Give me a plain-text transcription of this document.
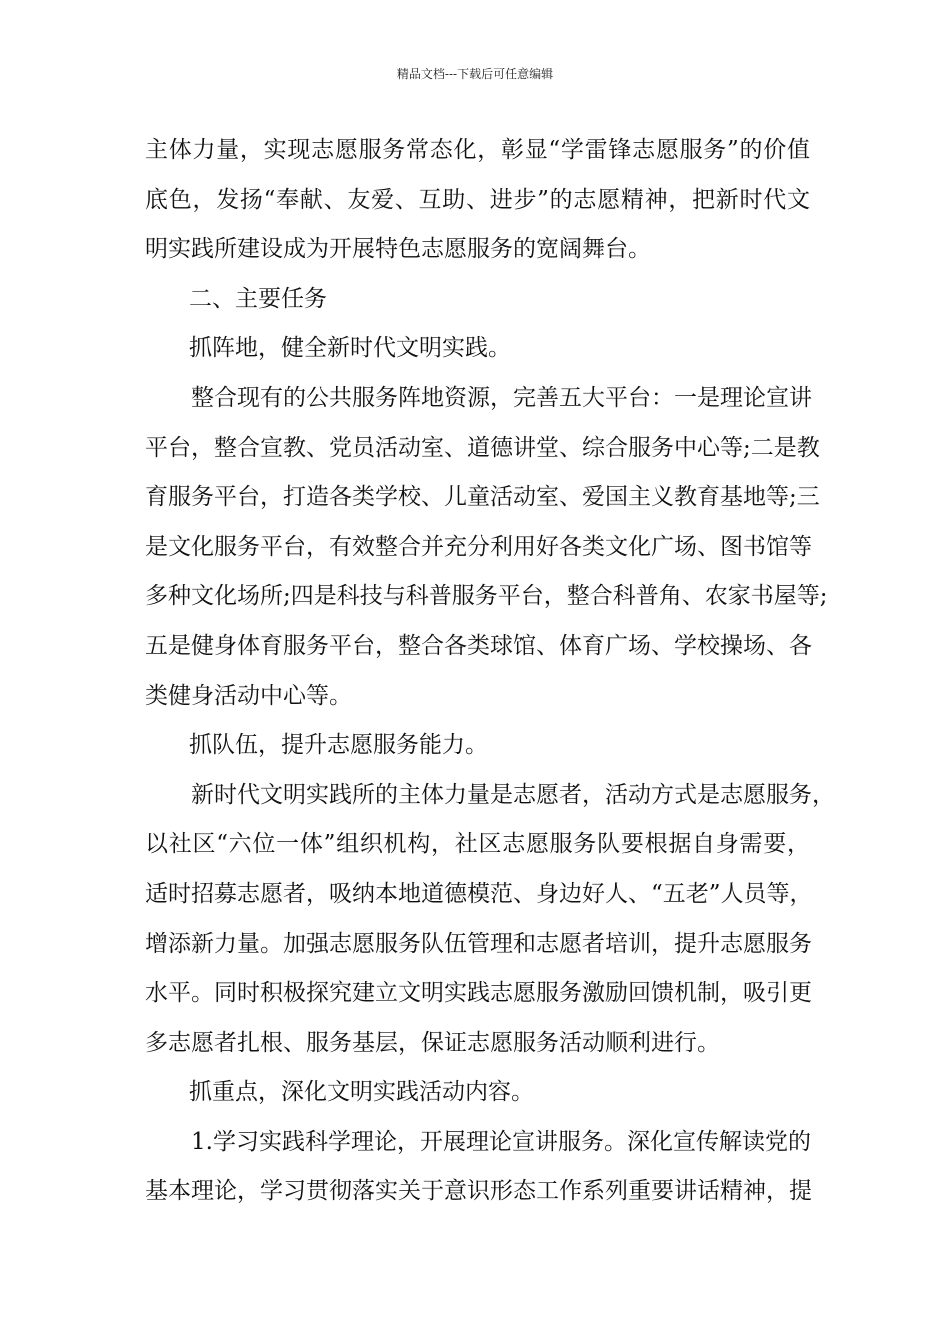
精品文档---下载后可任意编辑
主体力量，实现志愿服务常态化，彰显“学雷锋志愿服务”的价值
底色，发扬“奉献、友爱、互助、进步”的志愿精神，把新时代文
明实践所建设成为开展特色志愿服务的宽阔舞台。
二、主要任务
抓阵地，健全新时代文明实践。
整合现有的公共服务阵地资源，完善五大平台：一是理论宣讲
平台，整合宣教、党员活动室、道德讲堂、综合服务中心等;二是教
育服务平台，打造各类学校、儿童活动室、爱国主义教育基地等;三
是文化服务平台，有效整合并充分利用好各类文化广场、图书馆等
多种文化场所;四是科技与科普服务平台，整合科普角、农家书屋等;
五是健身体育服务平台，整合各类球馆、体育广场、学校操场、各
类健身活动中心等。
抓队伍，提升志愿服务能力。
新时代文明实践所的主体力量是志愿者，活动方式是志愿服务，
以社区“六位一体”组织机构，社区志愿服务队要根据自身需要，
适时招募志愿者，吸纳本地道德模范、身边好人、“五老”人员等，
增添新力量。加强志愿服务队伍管理和志愿者培训，提升志愿服务
水平。同时积极探究建立文明实践志愿服务激励回馈机制，吸引更
多志愿者扎根、服务基层，保证志愿服务活动顺利进行。
抓重点，深化文明实践活动内容。
1.学习实践科学理论，开展理论宣讲服务。深化宣传解读党的
基本理论，学习贯彻落实关于意识形态工作系列重要讲话精神，提
